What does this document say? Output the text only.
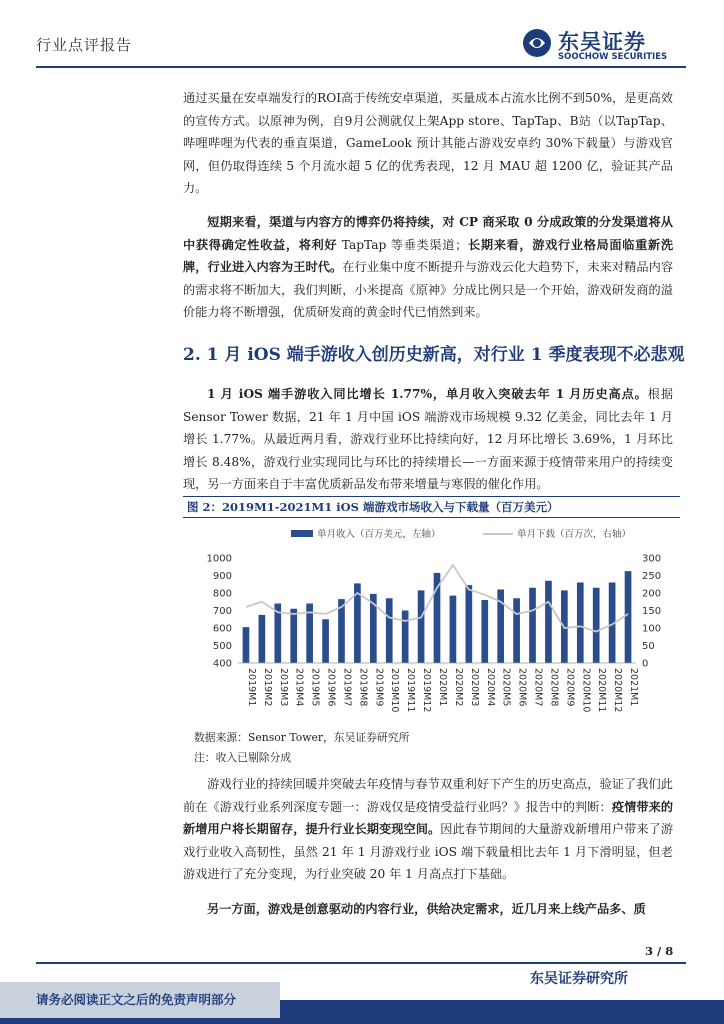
行业点评报告	东吴证券
SOOCHOW SECURITIES

通过买量在安卓端发行的ROI高于传统安卓渠道，买量成本占流水比例不到50%，是更高效的宣传方式。以原神为例，自9月公测就仅上架App store、TapTap、B站（以TapTap、哔哩哔哩为代表的垂直渠道，GameLook 预计其能占游戏安卓约 30%下载量）与游戏官网，但仍取得连续 5 个月流水超 5 亿的优秀表现，12 月 MAU 超 1200 亿，验证其产品力。

短期来看，渠道与内容方的博弈仍将持续，对 CP 商采取 0 分成政策的分发渠道将从中获得确定性收益，将利好 TapTap 等垂类渠道；长期来看，游戏行业格局面临重新洗牌，行业进入内容为王时代。在行业集中度不断提升与游戏云化大趋势下，未来对精品内容的需求将不断加大，我们判断，小米提高《原神》分成比例只是一个开始，游戏研发商的溢价能力将不断增强，优质研发商的黄金时代已悄然到来。

2. 1 月 iOS 端手游收入创历史新高，对行业 1 季度表现不必悲观

1 月 iOS 端手游收入同比增长 1.77%，单月收入突破去年 1 月历史高点。根据 Sensor Tower 数据，21 年 1 月中国 iOS 端游戏市场规模 9.32 亿美金，同比去年 1 月增长 1.77%。从最近两月看，游戏行业环比持续向好，12 月环比增长 3.69%，1 月环比增长 8.48%，游戏行业实现同比与环比的持续增长—一方面来源于疫情带来用户的持续变现，另一方面来自于丰富优质新品发布带来增量与寒假的催化作用。

图 2：2019M1-2021M1 iOS 端游戏市场收入与下载量（百万美元）
单月收入（百万美元，左轴）	单月下载（百万次，右轴）
400
500
600
700
800
900
1000
0
50
100
150
200
250
300
2019M1 2019M2 2019M3 2019M4 2019M5 2019M6 2019M7 2019M8 2019M9 2019M10 2019M11 2019M12 2020M1 2020M2 2020M3 2020M4 2020M5 2020M6 2020M7 2020M8 2020M9 2020M10 2020M11 2020M12 2021M1
数据来源：Sensor Tower，东吴证券研究所
注：收入已剔除分成

游戏行业的持续回暖并突破去年疫情与春节双重利好下产生的历史高点，验证了我们此前在《游戏行业系列深度专题一：游戏仅是疫情受益行业吗？》报告中的判断：疫情带来的新增用户将长期留存，提升行业长期变现空间。因此春节期间的大量游戏新增用户带来了游戏行业收入高韧性，虽然 21 年 1 月游戏行业 iOS 端下载量相比去年 1 月下滑明显，但老游戏进行了充分变现，为行业突破 20 年 1 月高点打下基础。

另一方面，游戏是创意驱动的内容行业，供给决定需求，近几月来上线产品多、质

3 / 8
东吴证券研究所
请务必阅读正文之后的免责声明部分
